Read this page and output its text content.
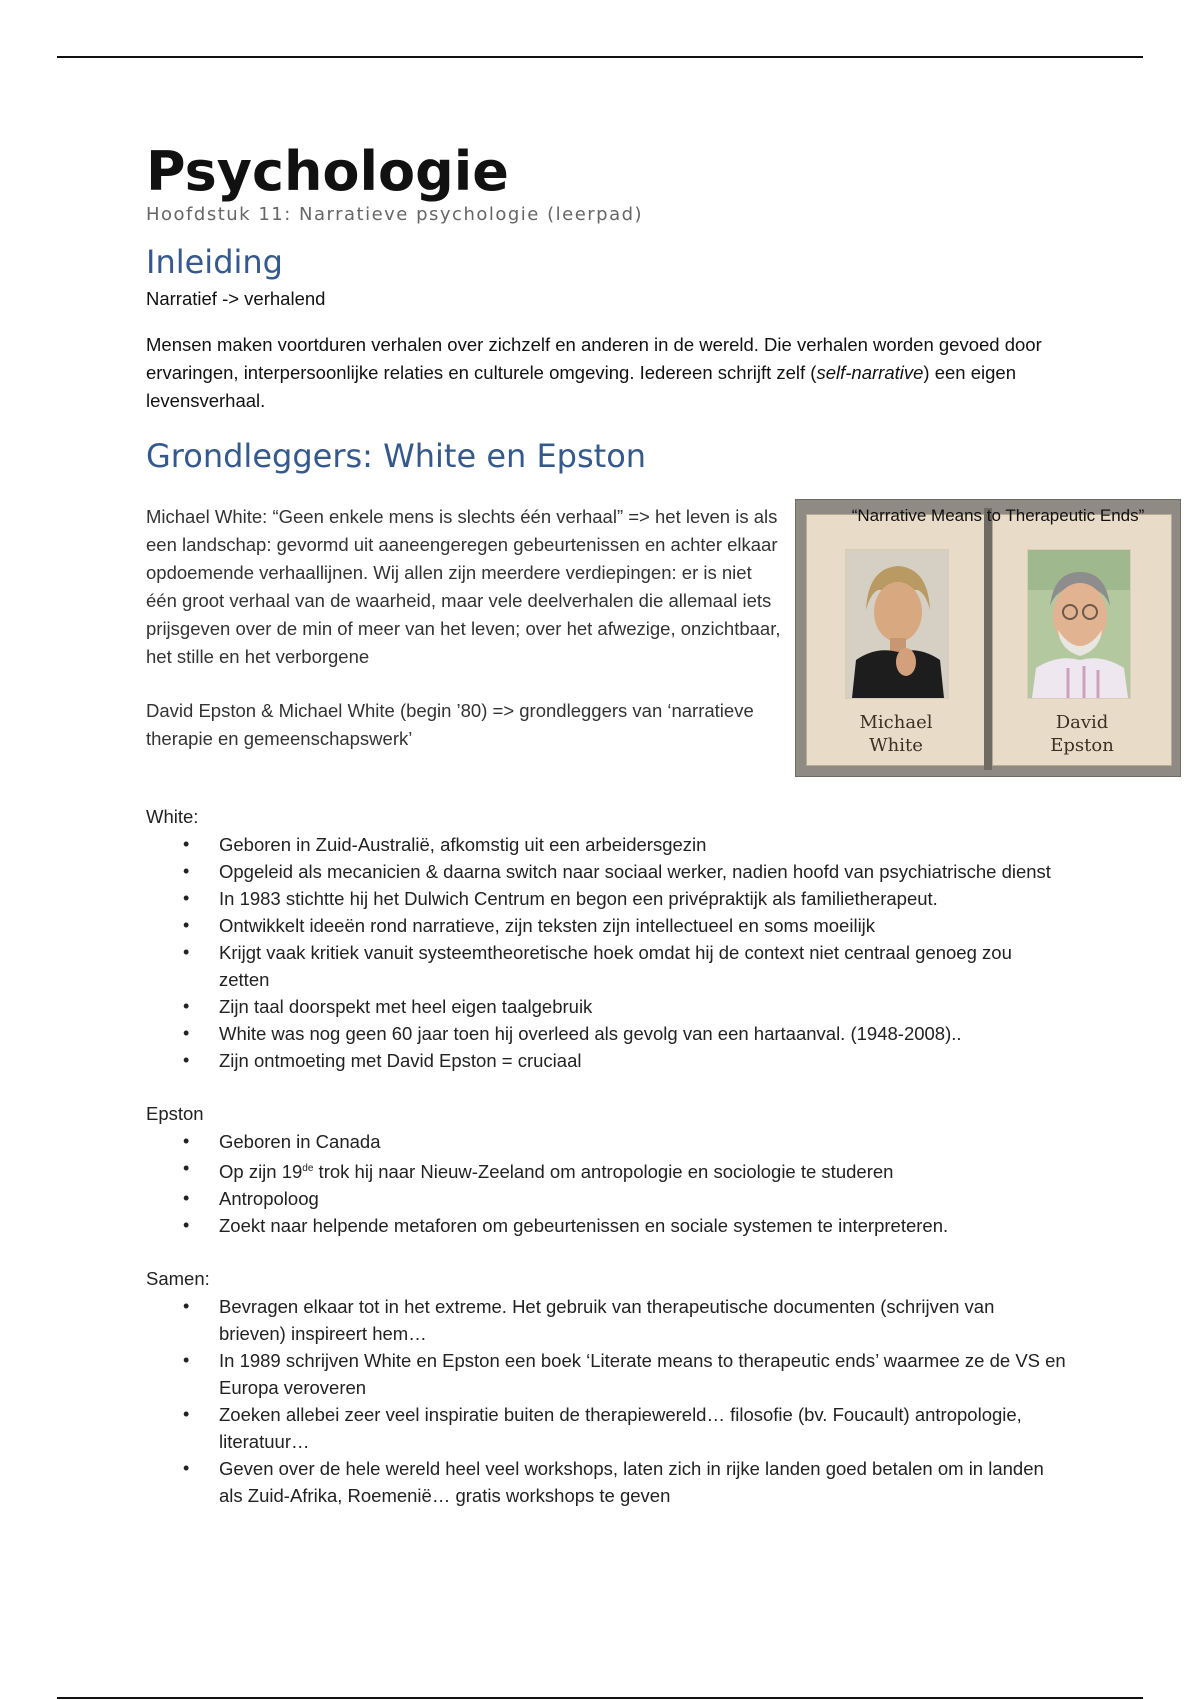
Psychologie
Hoofdstuk 11: Narratieve psychologie (leerpad)
Inleiding

Narratief -> verhalend

Mensen maken voortduren verhalen over zichzelf en anderen in de wereld. Die verhalen worden gevoed door ervaringen, interpersoonlijke relaties en culturele omgeving. Iedereen schrijft zelf (self-narrative) een eigen levensverhaal.

Grondleggers: White en Epston

Michael White: “Geen enkele mens is slechts één verhaal” => het leven is als een landschap: gevormd uit aaneengeregen gebeurtenissen en achter elkaar opdoemende verhaallijnen. Wij allen zijn meerdere verdiepingen: er is niet één groot verhaal van de waarheid, maar vele deelverhalen die allemaal iets prijsgeven over de min of meer van het leven; over het afwezige, onzichtbaar, het stille en het verborgene

David Epston & Michael White (begin ’80) => grondleggers van ‘narratieve therapie en gemeenschapswerk’

Michael
White
David
Epston
“Narrative Means to Therapeutic Ends”
White:
• Geboren in Zuid-Australië, afkomstig uit een arbeidersgezin
• Opgeleid als mecanicien & daarna switch naar sociaal werker, nadien hoofd van psychiatrische dienst
• In 1983 stichtte hij het Dulwich Centrum en begon een privépraktijk als familietherapeut.
• Ontwikkelt ideeën rond narratieve, zijn teksten zijn intellectueel en soms moeilijk
• Krijgt vaak kritiek vanuit systeemtheoretische hoek omdat hij de context niet centraal genoeg zou zetten
• Zijn taal doorspekt met heel eigen taalgebruik
• White was nog geen 60 jaar toen hij overleed als gevolg van een hartaanval. (1948-2008)..
• Zijn ontmoeting met David Epston = cruciaal
Epston
• Geboren in Canada
• Op zijn 19de trok hij naar Nieuw-Zeeland om antropologie en sociologie te studeren
• Antropoloog
• Zoekt naar helpende metaforen om gebeurtenissen en sociale systemen te interpreteren.
Samen:
• Bevragen elkaar tot in het extreme. Het gebruik van therapeutische documenten (schrijven van brieven) inspireert hem…
• In 1989 schrijven White en Epston een boek ‘Literate means to therapeutic ends’ waarmee ze de VS en Europa veroveren
• Zoeken allebei zeer veel inspiratie buiten de therapiewereld… filosofie (bv. Foucault) antropologie, literatuur…
• Geven over de hele wereld heel veel workshops, laten zich in rijke landen goed betalen om in landen als Zuid-Afrika, Roemenië… gratis workshops te geven
